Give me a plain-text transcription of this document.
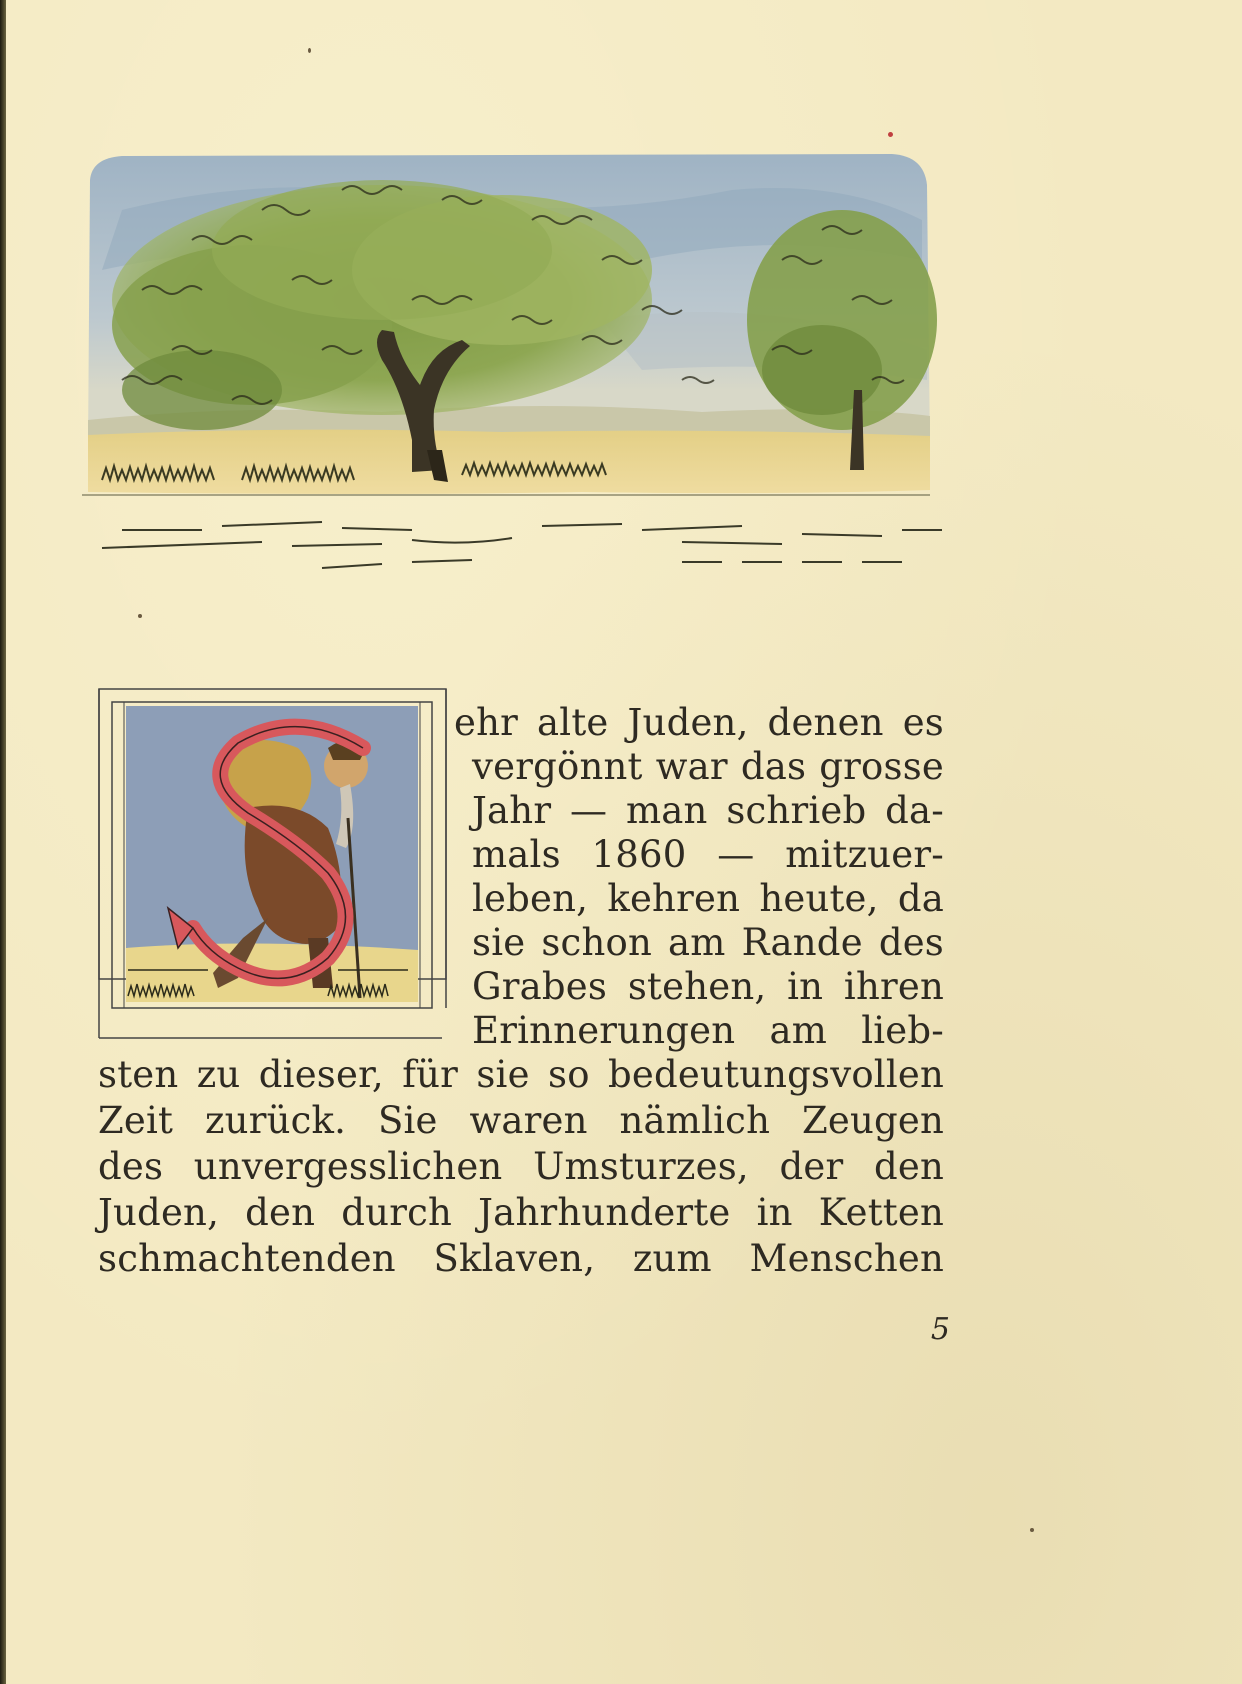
ehr alte Juden, denen es
vergönnt war das grosse
Jahr — man schrieb da-
mals 1860 — mitzuer-
leben, kehren heute, da
sie schon am Rande des
Grabes stehen, in ihren
Erinnerungen am lieb-
sten zu dieser, für sie so bedeutungsvollen
Zeit zurück. Sie waren nämlich Zeugen
des unvergesslichen Umsturzes, der den
Juden, den durch Jahrhunderte in Ketten
schmachtenden Sklaven, zum Menschen
5
